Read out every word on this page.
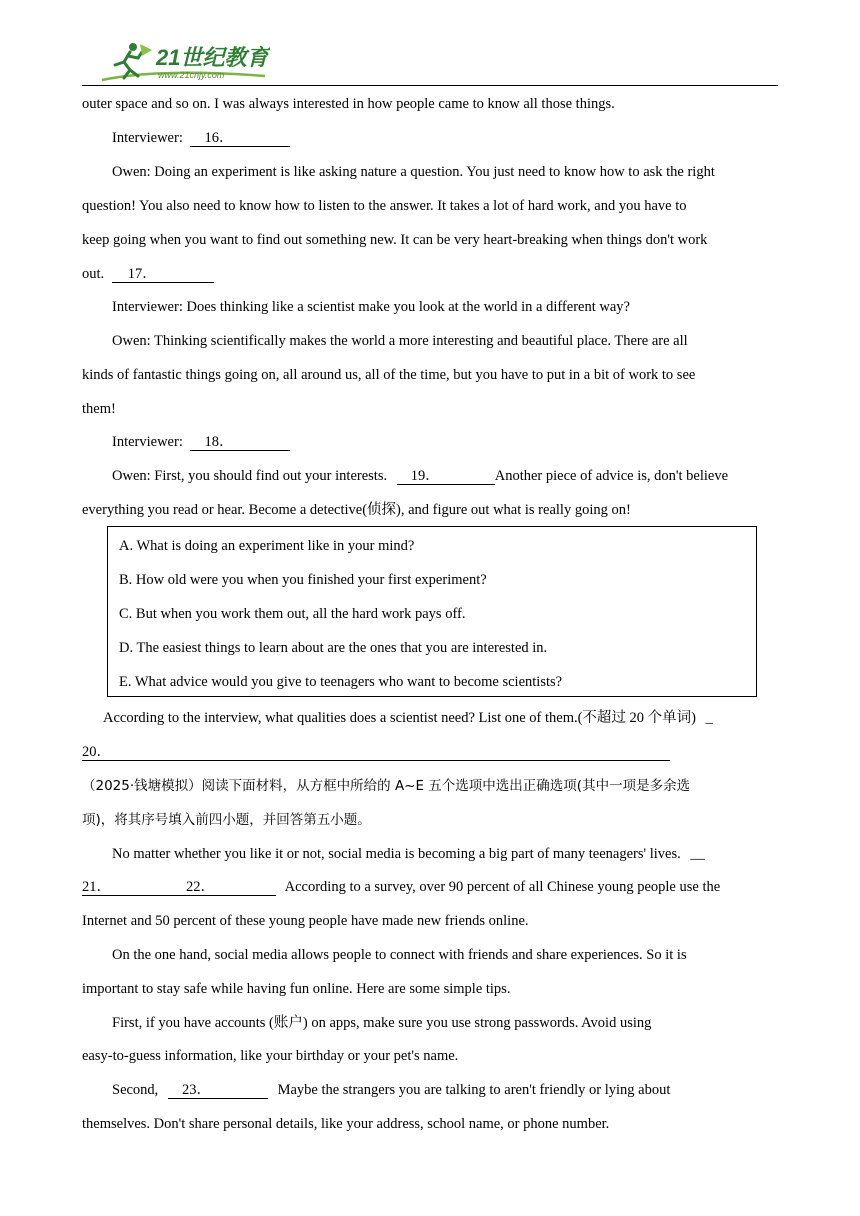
21世纪教育
www.21cnjy.com
outer space and so on. I was always interested in how people came to know all those things.
Interviewer: 16．
Owen: Doing an experiment is like asking nature a question. You just need to know how to ask the right
question! You also need to know how to listen to the answer. It takes a lot of hard work, and you have to
keep going when you want to find out something new. It can be very heart-breaking when things don't work
out. 17．
Interviewer: Does thinking like a scientist make you look at the world in a different way?
Owen: Thinking scientifically makes the world a more interesting and beautiful place. There are all
kinds of fantastic things going on, all around us, all of the time, but you have to put in a bit of work to see
them!
Interviewer: 18．
Owen: First, you should find out your interests. 19．	Another piece of advice is, don't believe
everything you read or hear. Become a detective(侦探), and figure out what is really going on!
A. What is doing an experiment like in your mind?
B. How old were you when you finished your first experiment?
C. But when you work them out, all the hard work pays off.
D. The easiest things to learn about are the ones that you are interested in.
E. What advice would you give to teenagers who want to become scientists?
According to the interview, what qualities does a scientist need? List one of them.(不超过 20 个单词) _
20．
（2025·钱塘模拟）阅读下面材料，从方框中所给的 A~E 五个选项中选出正确选项(其中一项是多余选
项)，将其序号填入前四小题，并回答第五小题。
No matter whether you like it or not, social media is becoming a big part of many teenagers' lives. __
21．	22．	According to a survey, over 90 percent of all Chinese young people use the
Internet and 50 percent of these young people have made new friends online.
On the one hand, social media allows people to connect with friends and share experiences. So it is
important to stay safe while having fun online. Here are some simple tips.
First, if you have accounts (账户) on apps, make sure you use strong passwords. Avoid using
easy-to-guess information, like your birthday or your pet's name.
Second, 23．	Maybe the strangers you are talking to aren't friendly or lying about
themselves. Don't share personal details, like your address, school name, or phone number.
